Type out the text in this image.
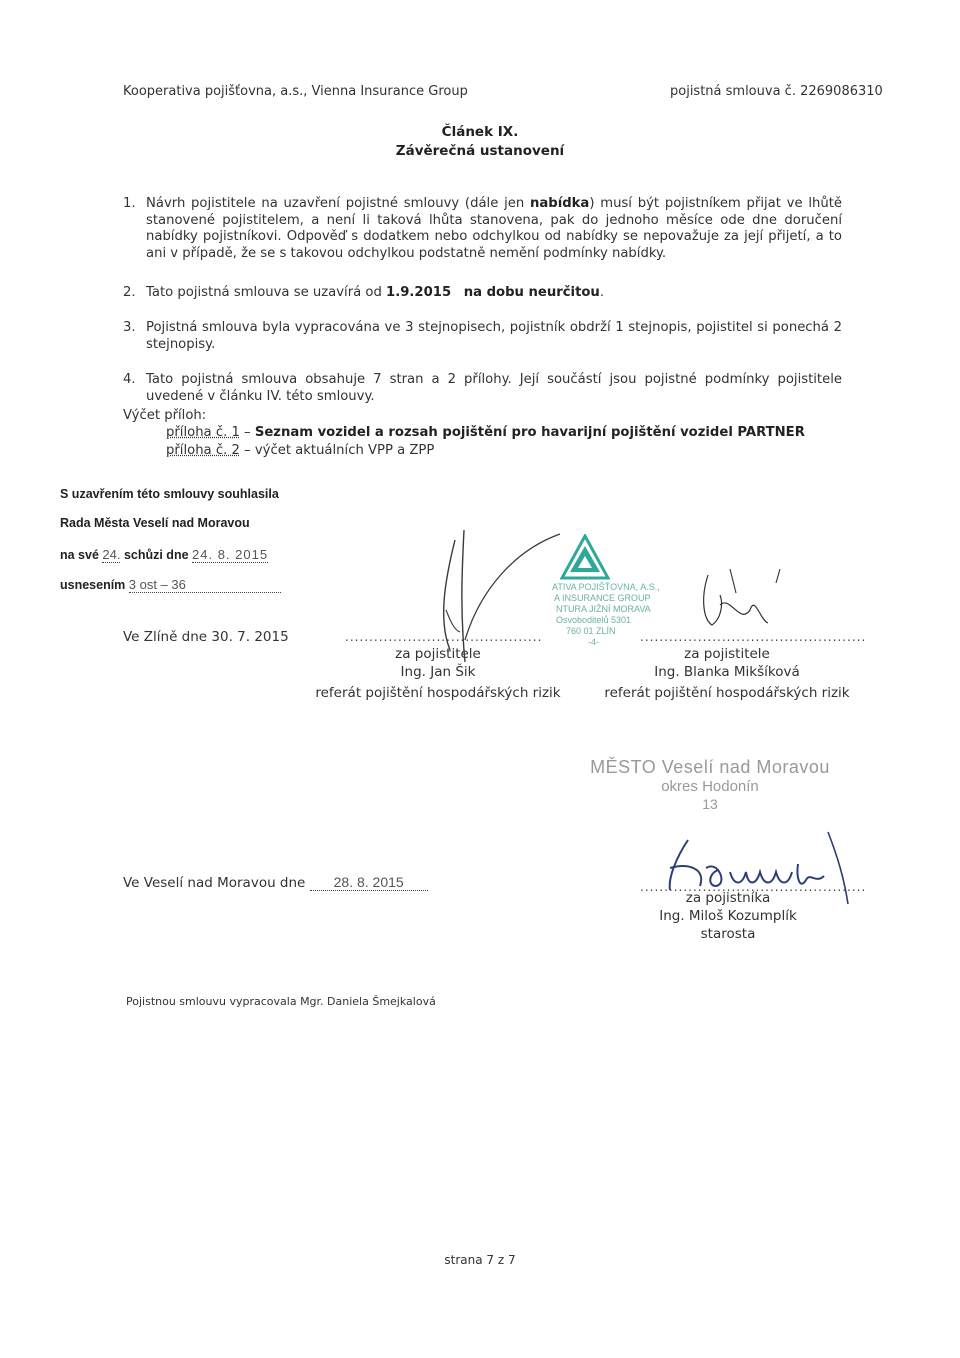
Kooperativa pojišťovna, a.s., Vienna Insurance Group	pojistná smlouva č. 2269086310
Článek IX.
Závěrečná ustanovení
1. Návrh pojistitele na uzavření pojistné smlouvy (dále jen nabídka) musí být pojistníkem přijat ve lhůtě stanovené pojistitelem, a není li taková lhůta stanovena, pak do jednoho měsíce ode dne doručení nabídky pojistníkovi. Odpověď s dodatkem nebo odchylkou od nabídky se nepovažuje za její přijetí, a to ani v případě, že se s takovou odchylkou podstatně nemění podmínky nabídky.
2. Tato pojistná smlouva se uzavírá od 1.9.2015 na dobu neurčitou.
3. Pojistná smlouva byla vypracována ve 3 stejnopisech, pojistník obdrží 1 stejnopis, pojistitel si ponechá 2 stejnopisy.
4. Tato pojistná smlouva obsahuje 7 stran a 2 přílohy. Její součástí jsou pojistné podmínky pojistitele uvedené v článku IV. této smlouvy.
Výčet příloh:
příloha č. 1 – Seznam vozidel a rozsah pojištění pro havarijní pojištění vozidel PARTNER
příloha č. 2 – výčet aktuálních VPP a ZPP
S uzavřením této smlouvy souhlasila
Rada Města Veselí nad Moravou
na své 24. schůzi dne 24. 8. 2015
usnesením 3 ost – 36
Ve Zlíně dne 30. 7. 2015	.........................................	...............................................
za pojistitele
Ing. Jan Šik
referát pojištění hospodářských rizik
za pojistitele
Ing. Blanka Mikšíková
referát pojištění hospodářských rizik
ATIVA POJIŠŤOVNA, A.S.,
A INSURANCE GROUP
NTURA JIŽNÍ MORAVA
Osvoboditelů 5301
760 01 ZLÍN
-4-
MĚSTO Veselí nad Moravou
okres Hodonín
13
Ve Veselí nad Moravou dne 28. 8. 2015	...............................................
za pojistníka
Ing. Miloš Kozumplík
starosta
Pojistnou smlouvu vypracovala Mgr. Daniela Šmejkalová
strana 7 z 7
